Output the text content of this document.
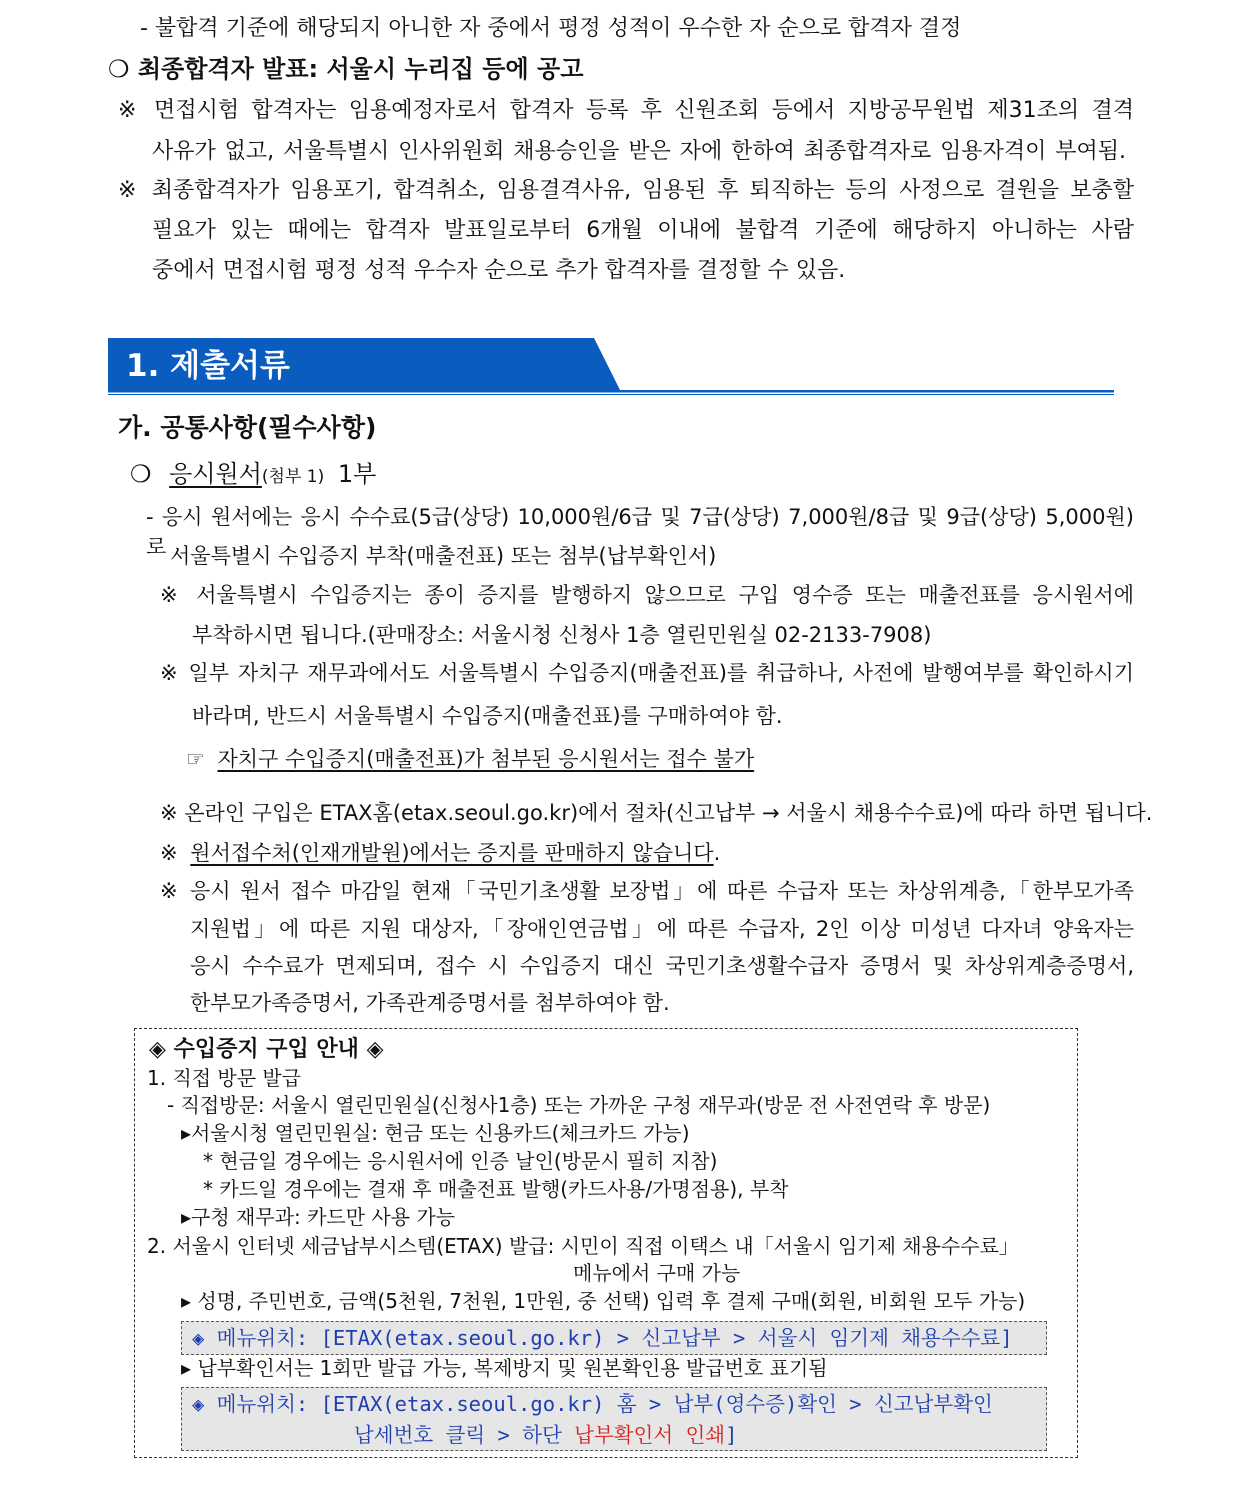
- 불합격 기준에 해당되지 아니한 자 중에서 평정 성적이 우수한 자 순으로 합격자 결정
❍ 최종합격자 발표: 서울시 누리집 등에 공고
※ 면접시험 합격자는 임용예정자로서 합격자 등록 후 신원조회 등에서 지방공무원법 제31조의 결격
사유가 없고, 서울특별시 인사위원회 채용승인을 받은 자에 한하여 최종합격자로 임용자격이 부여됨.
※ 최종합격자가 임용포기, 합격취소, 임용결격사유, 임용된 후 퇴직하는 등의 사정으로 결원을 보충할
필요가 있는 때에는 합격자 발표일로부터 6개월 이내에 불합격 기준에 해당하지 아니하는 사람
중에서 면접시험 평정 성적 우수자 순으로 추가 합격자를 결정할 수 있음.
1. 제출서류
가. 공통사항(필수사항)
❍ 응시원서(첨부 1) 1부
- 응시 원서에는 응시 수수료(5급(상당) 10,000원/6급 및 7급(상당) 7,000원/8급 및 9급(상당) 5,000원)로 서울특별시 수입증지 부착(매출전표) 또는 첨부(납부확인서)
※ 서울특별시 수입증지는 종이 증지를 발행하지 않으므로 구입 영수증 또는 매출전표를 응시원서에
부착하시면 됩니다.(판매장소: 서울시청 신청사 1층 열린민원실 02-2133-7908)
※ 일부 자치구 재무과에서도 서울특별시 수입증지(매출전표)를 취급하나, 사전에 발행여부를 확인하시기
바라며, 반드시 서울특별시 수입증지(매출전표)를 구매하여야 함.
☞ 자치구 수입증지(매출전표)가 첨부된 응시원서는 접수 불가
※ 온라인 구입은 ETAX홈(etax.seoul.go.kr)에서 절차(신고납부 → 서울시 채용수수료)에 따라 하면 됩니다.
※ 원서접수처(인재개발원)에서는 증지를 판매하지 않습니다.
※ 응시 원서 접수 마감일 현재「국민기초생활 보장법」에 따른 수급자 또는 차상위계층,「한부모가족
지원법」에 따른 지원 대상자,「장애인연금법」에 따른 수급자, 2인 이상 미성년 다자녀 양육자는
응시 수수료가 면제되며, 접수 시 수입증지 대신 국민기초생활수급자 증명서 및 차상위계층증명서,
한부모가족증명서, 가족관계증명서를 첨부하여야 함.
◈ 수입증지 구입 안내 ◈
1. 직접 방문 발급
- 직접방문: 서울시 열린민원실(신청사1층) 또는 가까운 구청 재무과(방문 전 사전연락 후 방문)
▸서울시청 열린민원실: 현금 또는 신용카드(체크카드 가능)
* 현금일 경우에는 응시원서에 인증 날인(방문시 필히 지참)
* 카드일 경우에는 결재 후 매출전표 발행(카드사용/가명점용), 부착
▸구청 재무과: 카드만 사용 가능
2. 서울시 인터넷 세금납부시스템(ETAX) 발급: 시민이 직접 이택스 내「서울시 임기제 채용수수료」
메뉴에서 구매 가능
▸ 성명, 주민번호, 금액(5천원, 7천원, 1만원, 중 선택) 입력 후 결제 구매(회원, 비회원 모두 가능)
◈ 메뉴위치: [ETAX(etax.seoul.go.kr) > 신고납부 > 서울시 임기제 채용수수료]
▸ 납부확인서는 1회만 발급 가능, 복제방지 및 원본확인용 발급번호 표기됨
◈ 메뉴위치: [ETAX(etax.seoul.go.kr) 홈 > 납부(영수증)확인 > 신고납부확인
납세번호 클릭 > 하단 납부확인서 인쇄]
